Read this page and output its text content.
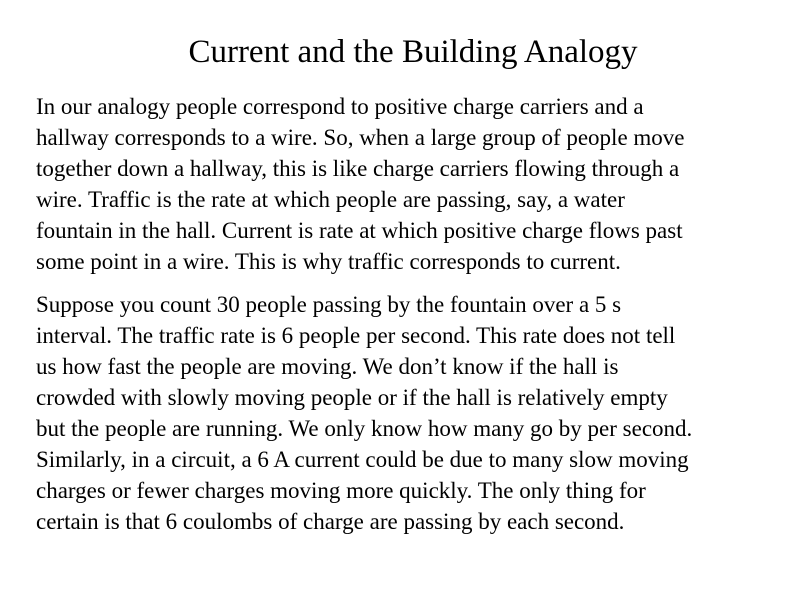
Current and the Building Analogy
In our analogy people correspond to positive charge carriers and a
hallway corresponds to a wire. So, when a large group of people move
together down a hallway, this is like charge carriers flowing through a
wire. Traffic is the rate at which people are passing, say, a water
fountain in the hall. Current is rate at which positive charge flows past
some point in a wire. This is why traffic corresponds to current.
Suppose you count 30 people passing by the fountain over a 5 s
interval. The traffic rate is 6 people per second. This rate does not tell
us how fast the people are moving. We don’t know if the hall is
crowded with slowly moving people or if the hall is relatively empty
but the people are running. We only know how many go by per second.
Similarly, in a circuit, a 6 A current could be due to many slow moving
charges or fewer charges moving more quickly. The only thing for
certain is that 6 coulombs of charge are passing by each second.
